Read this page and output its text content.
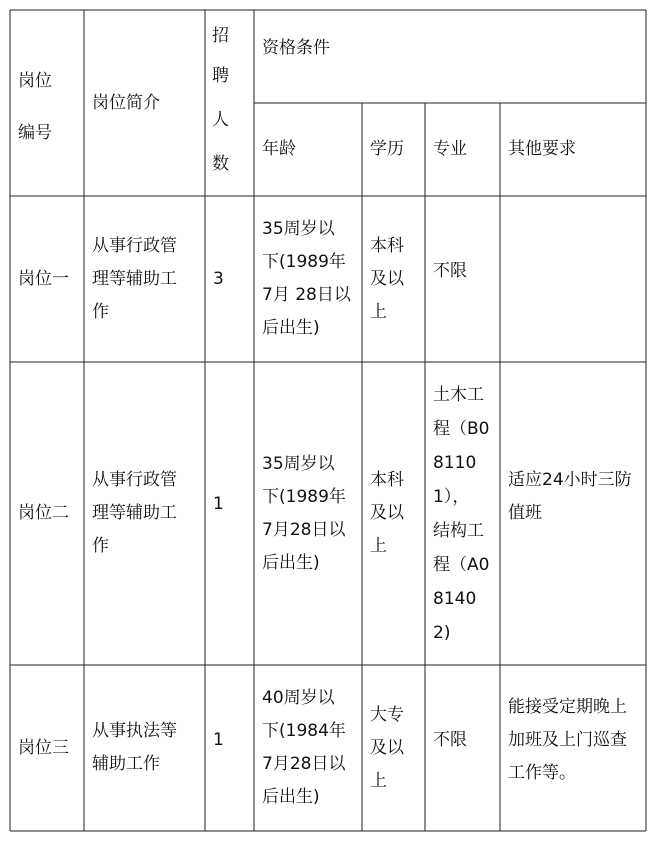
岗位
编号
岗位简介
招
聘
人
数
资格条件
年龄	学历 专业 其他要求
岗位一
从事行政管
理等辅助工
作
3
35周岁以
下(1989年
7月 28日以
后出生)
本科
及以
上
不限
岗位二
从事行政管
理等辅助工
作
1
35周岁以
下(1989年
7月28日以
后出生)
本科
及以
上
土木工
程（B0
8110
1），
结构工
程（A0
8140
2)
适应24小时三防
值班
岗位三
从事执法等
辅助工作
1
40周岁以
下(1984年
7月28日以
后出生)
大专
及以
上
不限
能接受定期晚上
加班及上门巡查
工作等。
